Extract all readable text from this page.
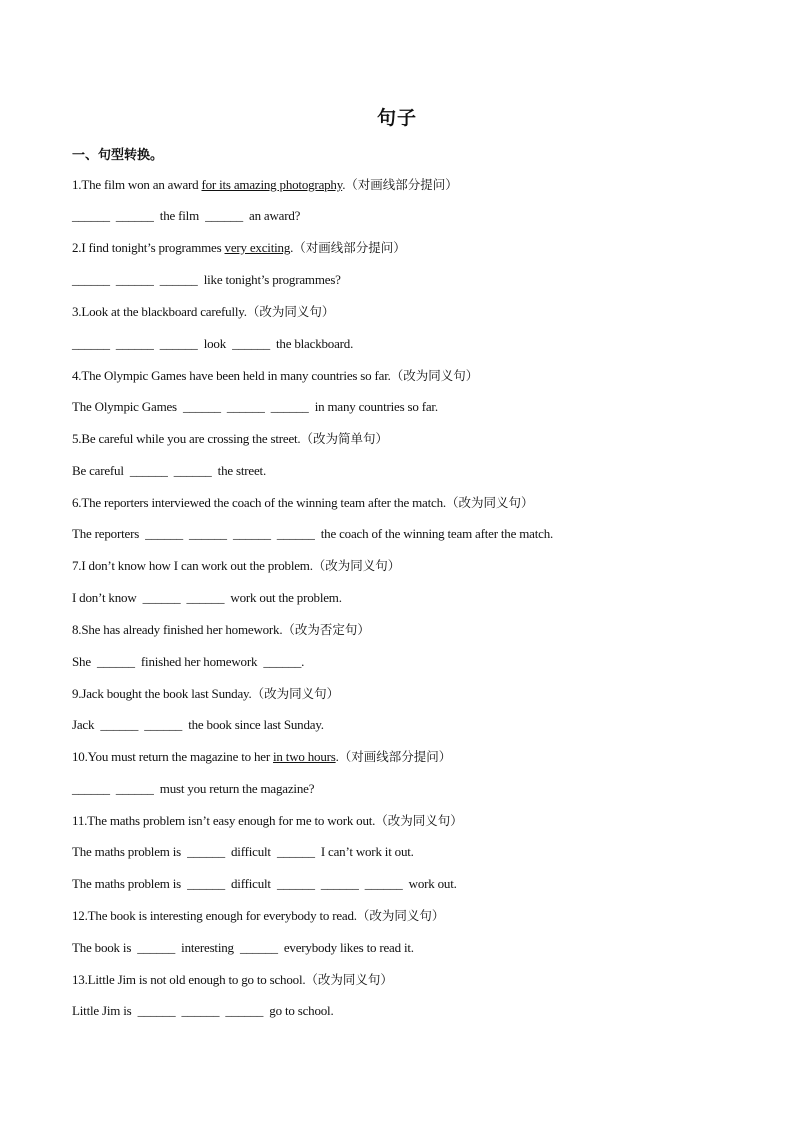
句子
一、句型转换。
1.The film won an award for its amazing photography.（对画线部分提问）
______  ______  the film  ______  an award?
2.I find tonight’s programmes very exciting.（对画线部分提问）
______  ______  ______  like tonight’s programmes?
3.Look at the blackboard carefully.（改为同义句）
______  ______  ______  look  ______  the blackboard.
4.The Olympic Games have been held in many countries so far.（改为同义句）
The Olympic Games  ______  ______  ______  in many countries so far.
5.Be careful while you are crossing the street.（改为简单句）
Be careful  ______  ______  the street.
6.The reporters interviewed the coach of the winning team after the match.（改为同义句）
The reporters  ______  ______  ______  ______  the coach of the winning team after the match.
7.I don’t know how I can work out the problem.（改为同义句）
I don’t know  ______  ______  work out the problem.
8.She has already finished her homework.（改为否定句）
She  ______  finished her homework  ______.
9.Jack bought the book last Sunday.（改为同义句）
Jack  ______  ______  the book since last Sunday.
10.You must return the magazine to her in two hours.（对画线部分提问）
______  ______  must you return the magazine?
11.The maths problem isn’t easy enough for me to work out.（改为同义句）
The maths problem is  ______  difficult  ______  I can’t work it out.
The maths problem is  ______  difficult  ______  ______  ______  work out.
12.The book is interesting enough for everybody to read.（改为同义句）
The book is  ______  interesting  ______  everybody likes to read it.
13.Little Jim is not old enough to go to school.（改为同义句）
Little Jim is  ______  ______  ______  go to school.
